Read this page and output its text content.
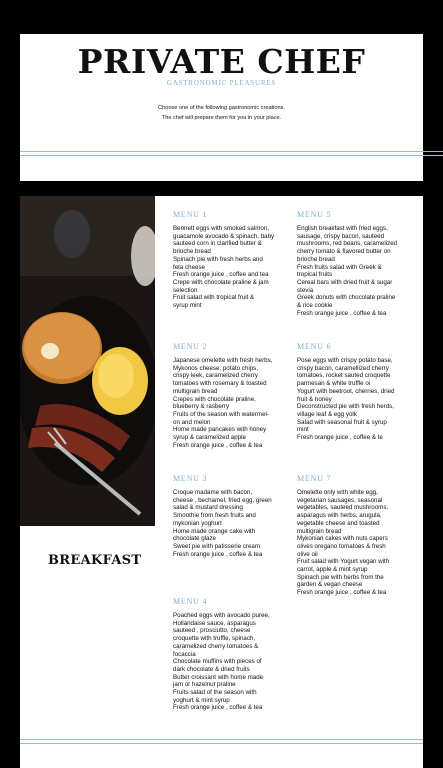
PRIVATE CHEF
GASTRONOMIC PLEASURES
Choose one of the following gastronomic creations.
The chef will prepare them for you in your place.
BREAKFAST
MENU 1
Bennett eggs with smoked salmon,
guacamole avocado & spinach, baby
sauteed corn in clarified butter &
brioche bread
Spinach pie with fresh herbs and
feta cheese
Fresh orange juice , coffee and tea
Crepe with chocolate praline & jam
selection
Fruit salad with tropical fruit &
syrup mint
MENU 2
Japanese omelette with fresh herbs,
Mykonos cheese, potato chips,
crispy leek, caramelized cherry
tomatoes with rosemary & toasted
multigrain bread
Crepes with chocolate praline,
blueberry & rasberry
Fruits of the season with watermel-
on and melon
Home made pancakes with honey
syrup & caramelized apple
Fresh orange juice , coffee & tea
MENU 3
Croque madame with bacon,
cheese , bechamel, fried egg, green
salad & mustard dressing
Smoothie from fresh fruits and
mykonian yoghurt
Home made orange cake with
chocolate glaze
Sweet pie with patisserie cream
Fresh orange juice , coffee & tea
MENU 4
Poached eggs with avocado puree,
Hollandaise sauce, asparagus
sauteed , prosciutto, cheese
croquette with truffle, spinach,
caramelized cherry tomatoes &
focaccia
Chocolate muffins with pieces of
dark chocolate & dried fruits
Butter croissant with home made
jam or hazelnut praline
Fruits salad of the season with
yoghurt & mint syrup
Fresh orange juice , coffee & tea
MENU 5
English breakfast with fried eggs,
sausage, crispy bacon, sauteed
mushrooms, red beans, caramelized
cherry tomato & flavored butter on
brioche bread
Fresh fruits salad with Greek &
tropical fruits
Cereal bars with dried fruit & sugar
stevia
Greek donuts with chocolate praline
& rice cookie
Fresh orange juice , coffee & tea
MENU 6
Pose eggs with crispy potato base,
crispy bacon, caramellized cherry
tomatoes, rocket sauted croquette
parmesan & white truffle oi
Yogurt with beetroot, cherries, dried
fruit & honey
Deconstructed pie with fresh herds,
village leaf & egg yolk
Salad with seasonal fruit & syrup
mint
Fresh orange juice , coffee & te
MENU 7
Omelette only with white egg,
vegetarian sausages, seasonal
vegetables, sauteed mushrooms,
asparagus with herbs, arugula,
vegetable cheese and toasted
multigrain bread
Mykonian cakes with nuts capers
olives oregano tomatoes & fresh
olive oil
Fruit salad with Yogurt vegan with
carrot, apple & mint syrup
Spinach pie with herbs from the
garden & vegan cheese
Fresh orange juice , coffee & tea
